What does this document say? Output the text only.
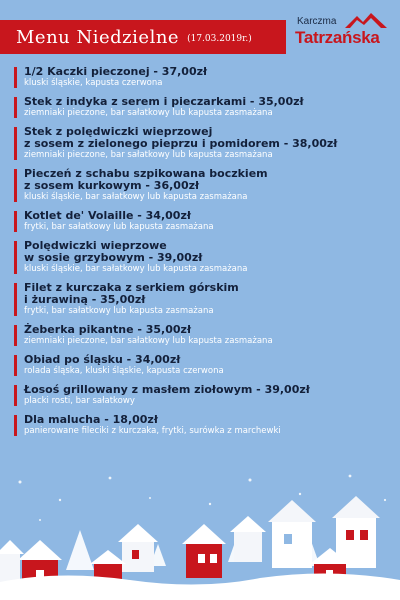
Menu Niedzielne (17.03.2019r.)
Karczma
Tatrzańska
1/2 Kaczki pieczonej - 37,00zł
kluski śląskie, kapusta czerwona
Stek z indyka z serem i pieczarkami - 35,00zł
ziemniaki pieczone, bar sałatkowy lub kapusta zasmażana
Stek z polędwiczki wieprzowej
z sosem z zielonego pieprzu i pomidorem - 38,00zł
ziemniaki pieczone, bar sałatkowy lub kapusta zasmażana
Pieczeń z schabu szpikowana boczkiem
z sosem kurkowym - 36,00zł
kluski śląskie, bar sałatkowy lub kapusta zasmażana
Kotlet de' Volaille - 34,00zł
frytki, bar sałatkowy lub kapusta zasmażana
Polędwiczki wieprzowe
w sosie grzybowym - 39,00zł
kluski śląskie, bar sałatkowy lub kapusta zasmażana
Filet z kurczaka z serkiem górskim
i żurawiną - 35,00zł
frytki, bar sałatkowy lub kapusta zasmażana
Żeberka pikantne - 35,00zł
ziemniaki pieczone, bar sałatkowy lub kapusta zasmażana
Obiad po śląsku - 34,00zł
rolada śląska, kluski śląskie, kapusta czerwona
Łosoś grillowany z masłem ziołowym - 39,00zł
placki rosti, bar sałatkowy
Dla malucha - 18,00zł
panierowane fileciki z kurczaka, frytki, surówka z marchewki
